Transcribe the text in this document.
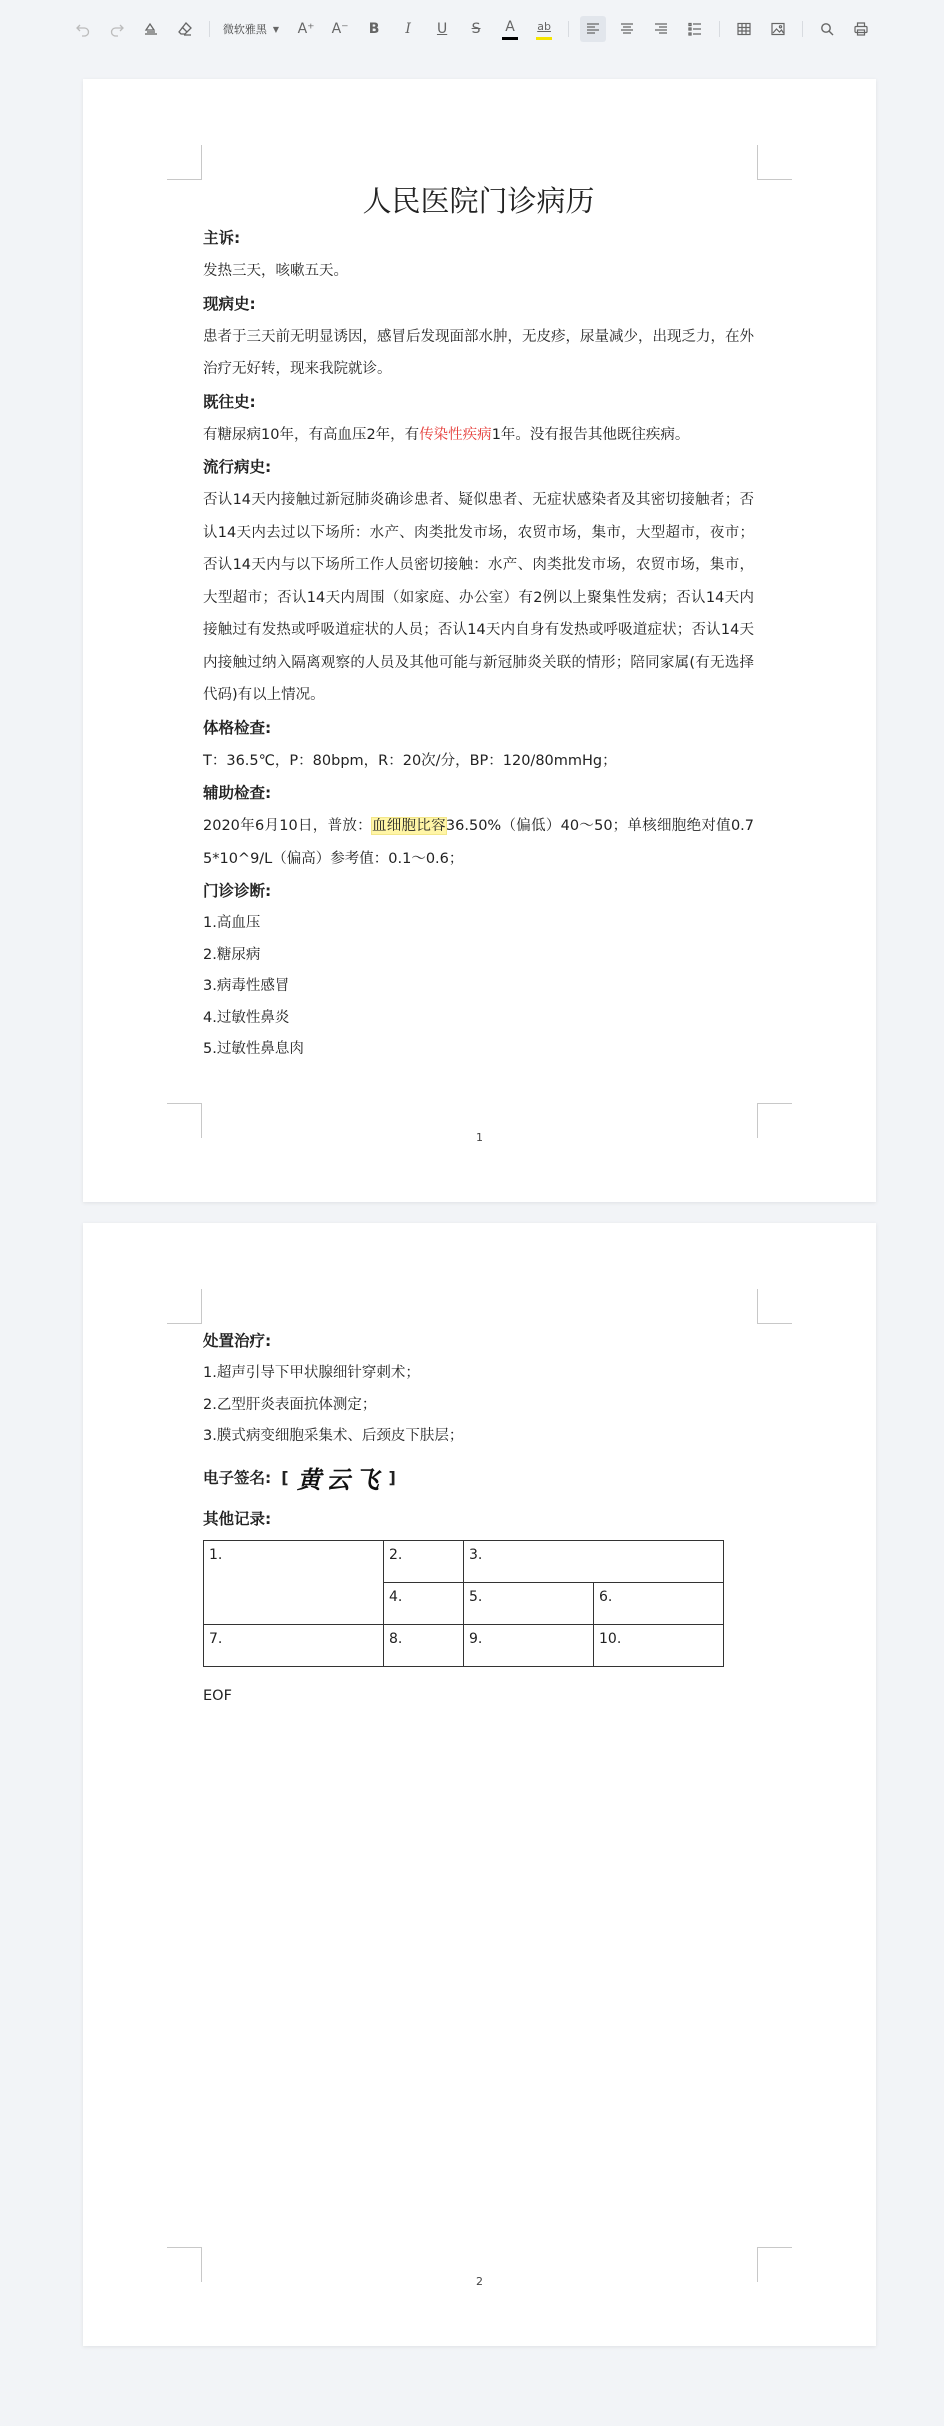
微软雅黑 ▼ A⁺ A⁻ B I U S A ab
人民医院门诊病历

主诉:

发热三天，咳嗽五天。

现病史:

患者于三天前无明显诱因，感冒后发现面部水肿，无皮疹，尿量减少，出现乏力，在外治疗无好转，现来我院就诊。

既往史:

有糖尿病10年，有高血压2年，有传染性疾病1年。没有报告其他既往疾病。

流行病史:

否认14天内接触过新冠肺炎确诊患者、疑似患者、无症状感染者及其密切接触者；否认14天内去过以下场所：水产、肉类批发市场，农贸市场，集市，大型超市，夜市；否认14天内与以下场所工作人员密切接触：水产、肉类批发市场，农贸市场，集市，大型超市；否认14天内周围（如家庭、办公室）有2例以上聚集性发病；否认14天内接触过有发热或呼吸道症状的人员；否认14天内自身有发热或呼吸道症状；否认14天内接触过纳入隔离观察的人员及其他可能与新冠肺炎关联的情形；陪同家属(有无选择代码)有以上情况。

体格检查:

T：36.5℃，P：80bpm，R：20次/分，BP：120/80mmHg；

辅助检查:

2020年6月10日，普放：血细胞比容36.50%（偏低）40～50；单核细胞绝对值0.75*10^9/L（偏高）参考值：0.1～0.6；

门诊诊断:

1.高血压

2.糖尿病

3.病毒性感冒

4.过敏性鼻炎

5.过敏性鼻息肉

1

处置治疗:

1.超声引导下甲状腺细针穿刺术；

2.乙型肝炎表面抗体测定；

3.膜式病变细胞采集术、后颈皮下肤层；

电子签名: [ 黄云飞 ]

其他记录:

1.	2.	3.	
	4.	5.	6.
7.	8.	9.	10.

EOF

2
